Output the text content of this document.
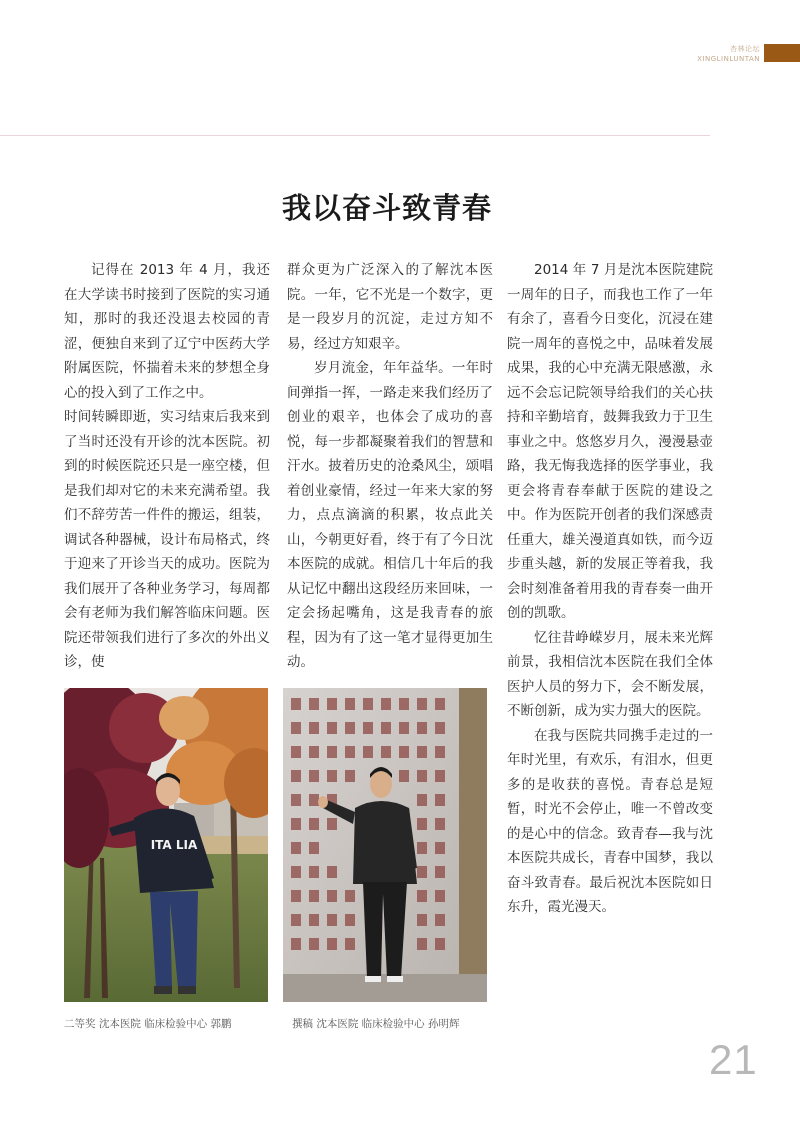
杏林论坛
XINGLINLUNTAN
我以奋斗致青春

记得在 2013 年 4 月，我还在大学读书时接到了医院的实习通知，那时的我还没退去校园的青涩，便独自来到了辽宁中医药大学附属医院，怀揣着未来的梦想全身心的投入到了工作之中。

时间转瞬即逝，实习结束后我来到了当时还没有开诊的沈本医院。初到的时候医院还只是一座空楼，但是我们却对它的未来充满希望。我们不辞劳苦一件件的搬运，组装，调试各种器械，设计布局格式，终于迎来了开诊当天的成功。医院为我们展开了各种业务学习，每周都会有老师为我们解答临床问题。医院还带领我们进行了多次的外出义诊，使

群众更为广泛深入的了解沈本医院。一年，它不光是一个数字，更是一段岁月的沉淀，走过方知不易，经过方知艰辛。

岁月流金，年年益华。一年时间弹指一挥，一路走来我们经历了创业的艰辛，也体会了成功的喜悦，每一步都凝聚着我们的智慧和汗水。披着历史的沧桑风尘，颂唱着创业豪情，经过一年来大家的努力，点点滴滴的积累，妆点此关山，今朝更好看，终于有了今日沈本医院的成就。相信几十年后的我从记忆中翻出这段经历来回味，一定会扬起嘴角，这是我青春的旅程，因为有了这一笔才显得更加生动。

2014 年 7 月是沈本医院建院一周年的日子，而我也工作了一年有余了，喜看今日变化，沉浸在建院一周年的喜悦之中，品味着发展成果，我的心中充满无限感激，永远不会忘记院领导给我们的关心扶持和辛勤培育，鼓舞我致力于卫生事业之中。悠悠岁月久，漫漫悬壶路，我无悔我选择的医学事业，我更会将青春奉献于医院的建设之中。作为医院开创者的我们深感责任重大，雄关漫道真如铁，而今迈步重头越，新的发展正等着我，我会时刻准备着用我的青春奏一曲开创的凯歌。

忆往昔峥嵘岁月，展未来光辉前景，我相信沈本医院在我们全体医护人员的努力下，会不断发展，不断创新，成为实力强大的医院。

在我与医院共同携手走过的一年时光里，有欢乐，有泪水，但更多的是收获的喜悦。青春总是短暂，时光不会停止，唯一不曾改变的是心中的信念。致青春—我与沈本医院共成长，青春中国梦，我以奋斗致青春。最后祝沈本医院如日东升，霞光漫天。

ITA LIA
二等奖 沈本医院 临床检验中心 郭鹏	撰稿 沈本医院 临床检验中心 孙明辉
21
